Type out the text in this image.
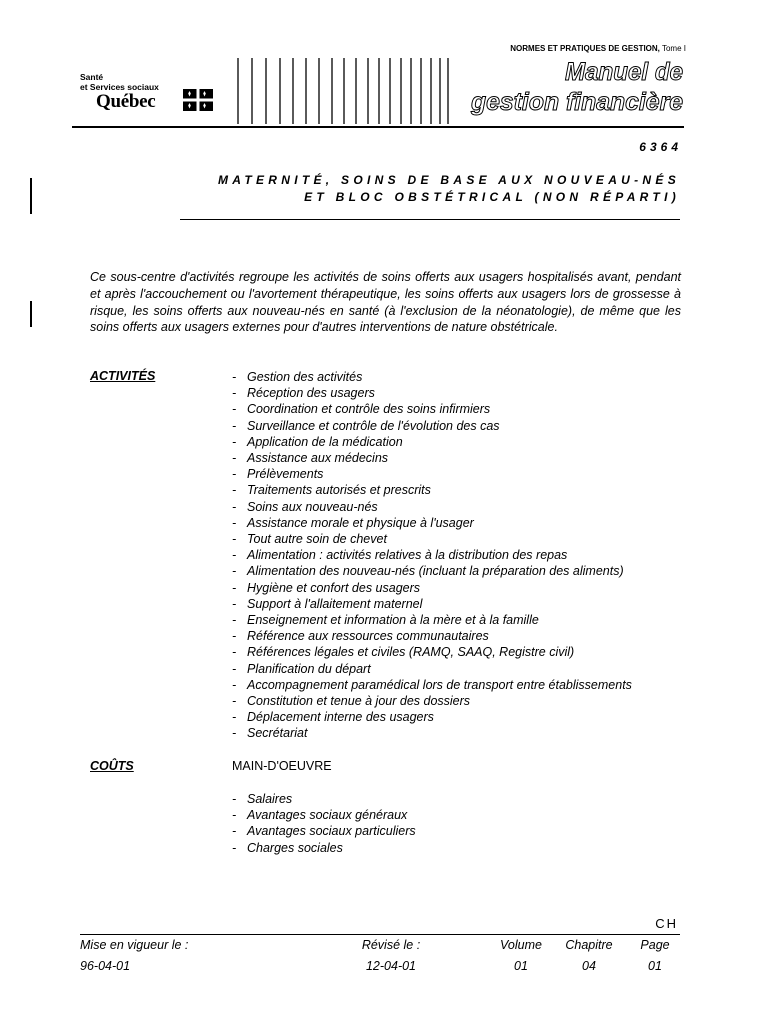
NORMES ET PRATIQUES DE GESTION, Tome I
Santé
et Services sociaux
Québec
Manuel de
gestion financière
6364
MATERNITÉ, SOINS DE BASE AUX NOUVEAU-NÉS
ET BLOC OBSTÉTRICAL (NON RÉPARTI)
Ce sous-centre d'activités regroupe les activités de soins offerts aux usagers hospitalisés avant, pendant et après l'accouchement ou l'avortement thérapeutique, les soins offerts aux usagers lors de grossesse à risque, les soins offerts aux nouveau-nés en santé (à l'exclusion de la néonatologie), de même que les soins offerts aux usagers externes pour d'autres interventions de nature obstétricale.
ACTIVITÉS	- Gestion des activités
- Réception des usagers
- Coordination et contrôle des soins infirmiers
- Surveillance et contrôle de l'évolution des cas
- Application de la médication
- Assistance aux médecins
- Prélèvements
- Traitements autorisés et prescrits
- Soins aux nouveau-nés
- Assistance morale et physique à l'usager
- Tout autre soin de chevet
- Alimentation : activités relatives à la distribution des repas
- Alimentation des nouveau-nés (incluant la préparation des aliments)
- Hygiène et confort des usagers
- Support à l'allaitement maternel
- Enseignement et information à la mère et à la famille
- Référence aux ressources communautaires
- Références légales et civiles (RAMQ, SAAQ, Registre civil)
- Planification du départ
- Accompagnement paramédical lors de transport entre établissements
- Constitution et tenue à jour des dossiers
- Déplacement interne des usagers
- Secrétariat
COÛTS	MAIN-D'OEUVRE
- Salaires
- Avantages sociaux généraux
- Avantages sociaux particuliers
- Charges sociales
CH
Mise en vigueur le :
96-04-01
Révisé le :
12-04-01
Volume
01
Chapitre
04
Page
01
